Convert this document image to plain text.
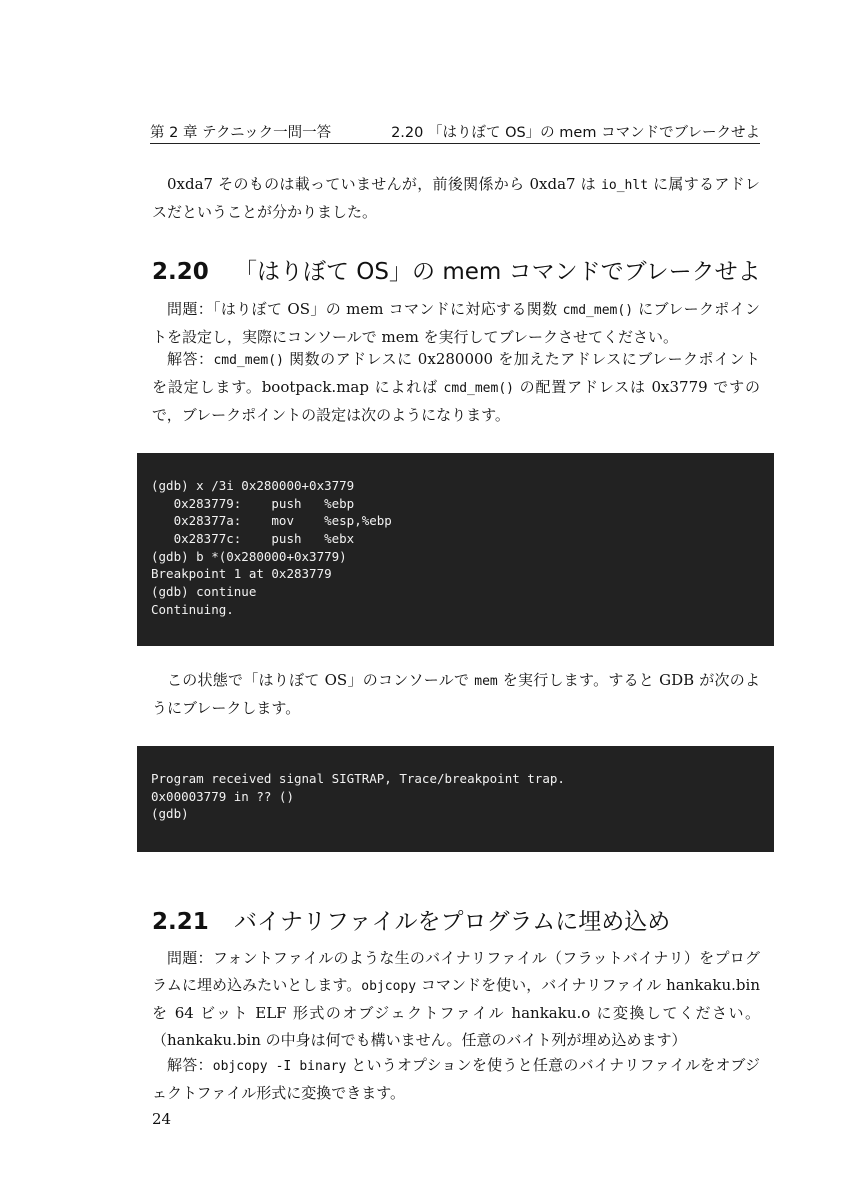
第 2 章 テクニック一問一答	2.20 「はりぼて OS」の mem コマンドでブレークせよ

0xda7 そのものは載っていませんが，前後関係から 0xda7 は io_hlt に属するアドレスだということが分かりました。

2.20 「はりぼて OS」の mem コマンドでブレークせよ

問題：「はりぼて OS」の mem コマンドに対応する関数 cmd_mem() にブレークポイントを設定し，実際にコンソールで mem を実行してブレークさせてください。

解答：cmd_mem() 関数のアドレスに 0x280000 を加えたアドレスにブレークポイントを設定します。bootpack.map によれば cmd_mem() の配置アドレスは 0x3779 ですので，ブレークポイントの設定は次のようになります。

(gdb) x /3i 0x280000+0x3779
0x283779:    push   %ebp
0x28377a:    mov    %esp,%ebp
0x28377c:    push   %ebx
(gdb) b *(0x280000+0x3779)
Breakpoint 1 at 0x283779
(gdb) continue
Continuing.

この状態で「はりぼて OS」のコンソールで mem を実行します。すると GDB が次のようにブレークします。

Program received signal SIGTRAP, Trace/breakpoint trap.
0x00003779 in ?? ()
(gdb)
2.21 バイナリファイルをプログラムに埋め込め

問題：フォントファイルのような生のバイナリファイル（フラットバイナリ）をプログラムに埋め込みたいとします。objcopy コマンドを使い，バイナリファイル hankaku.bin を 64 ビット ELF 形式のオブジェクトファイル hankaku.o に変換してください。（hankaku.bin の中身は何でも構いません。任意のバイト列が埋め込めます）

解答：objcopy -I binary というオプションを使うと任意のバイナリファイルをオブジェクトファイル形式に変換できます。

24
